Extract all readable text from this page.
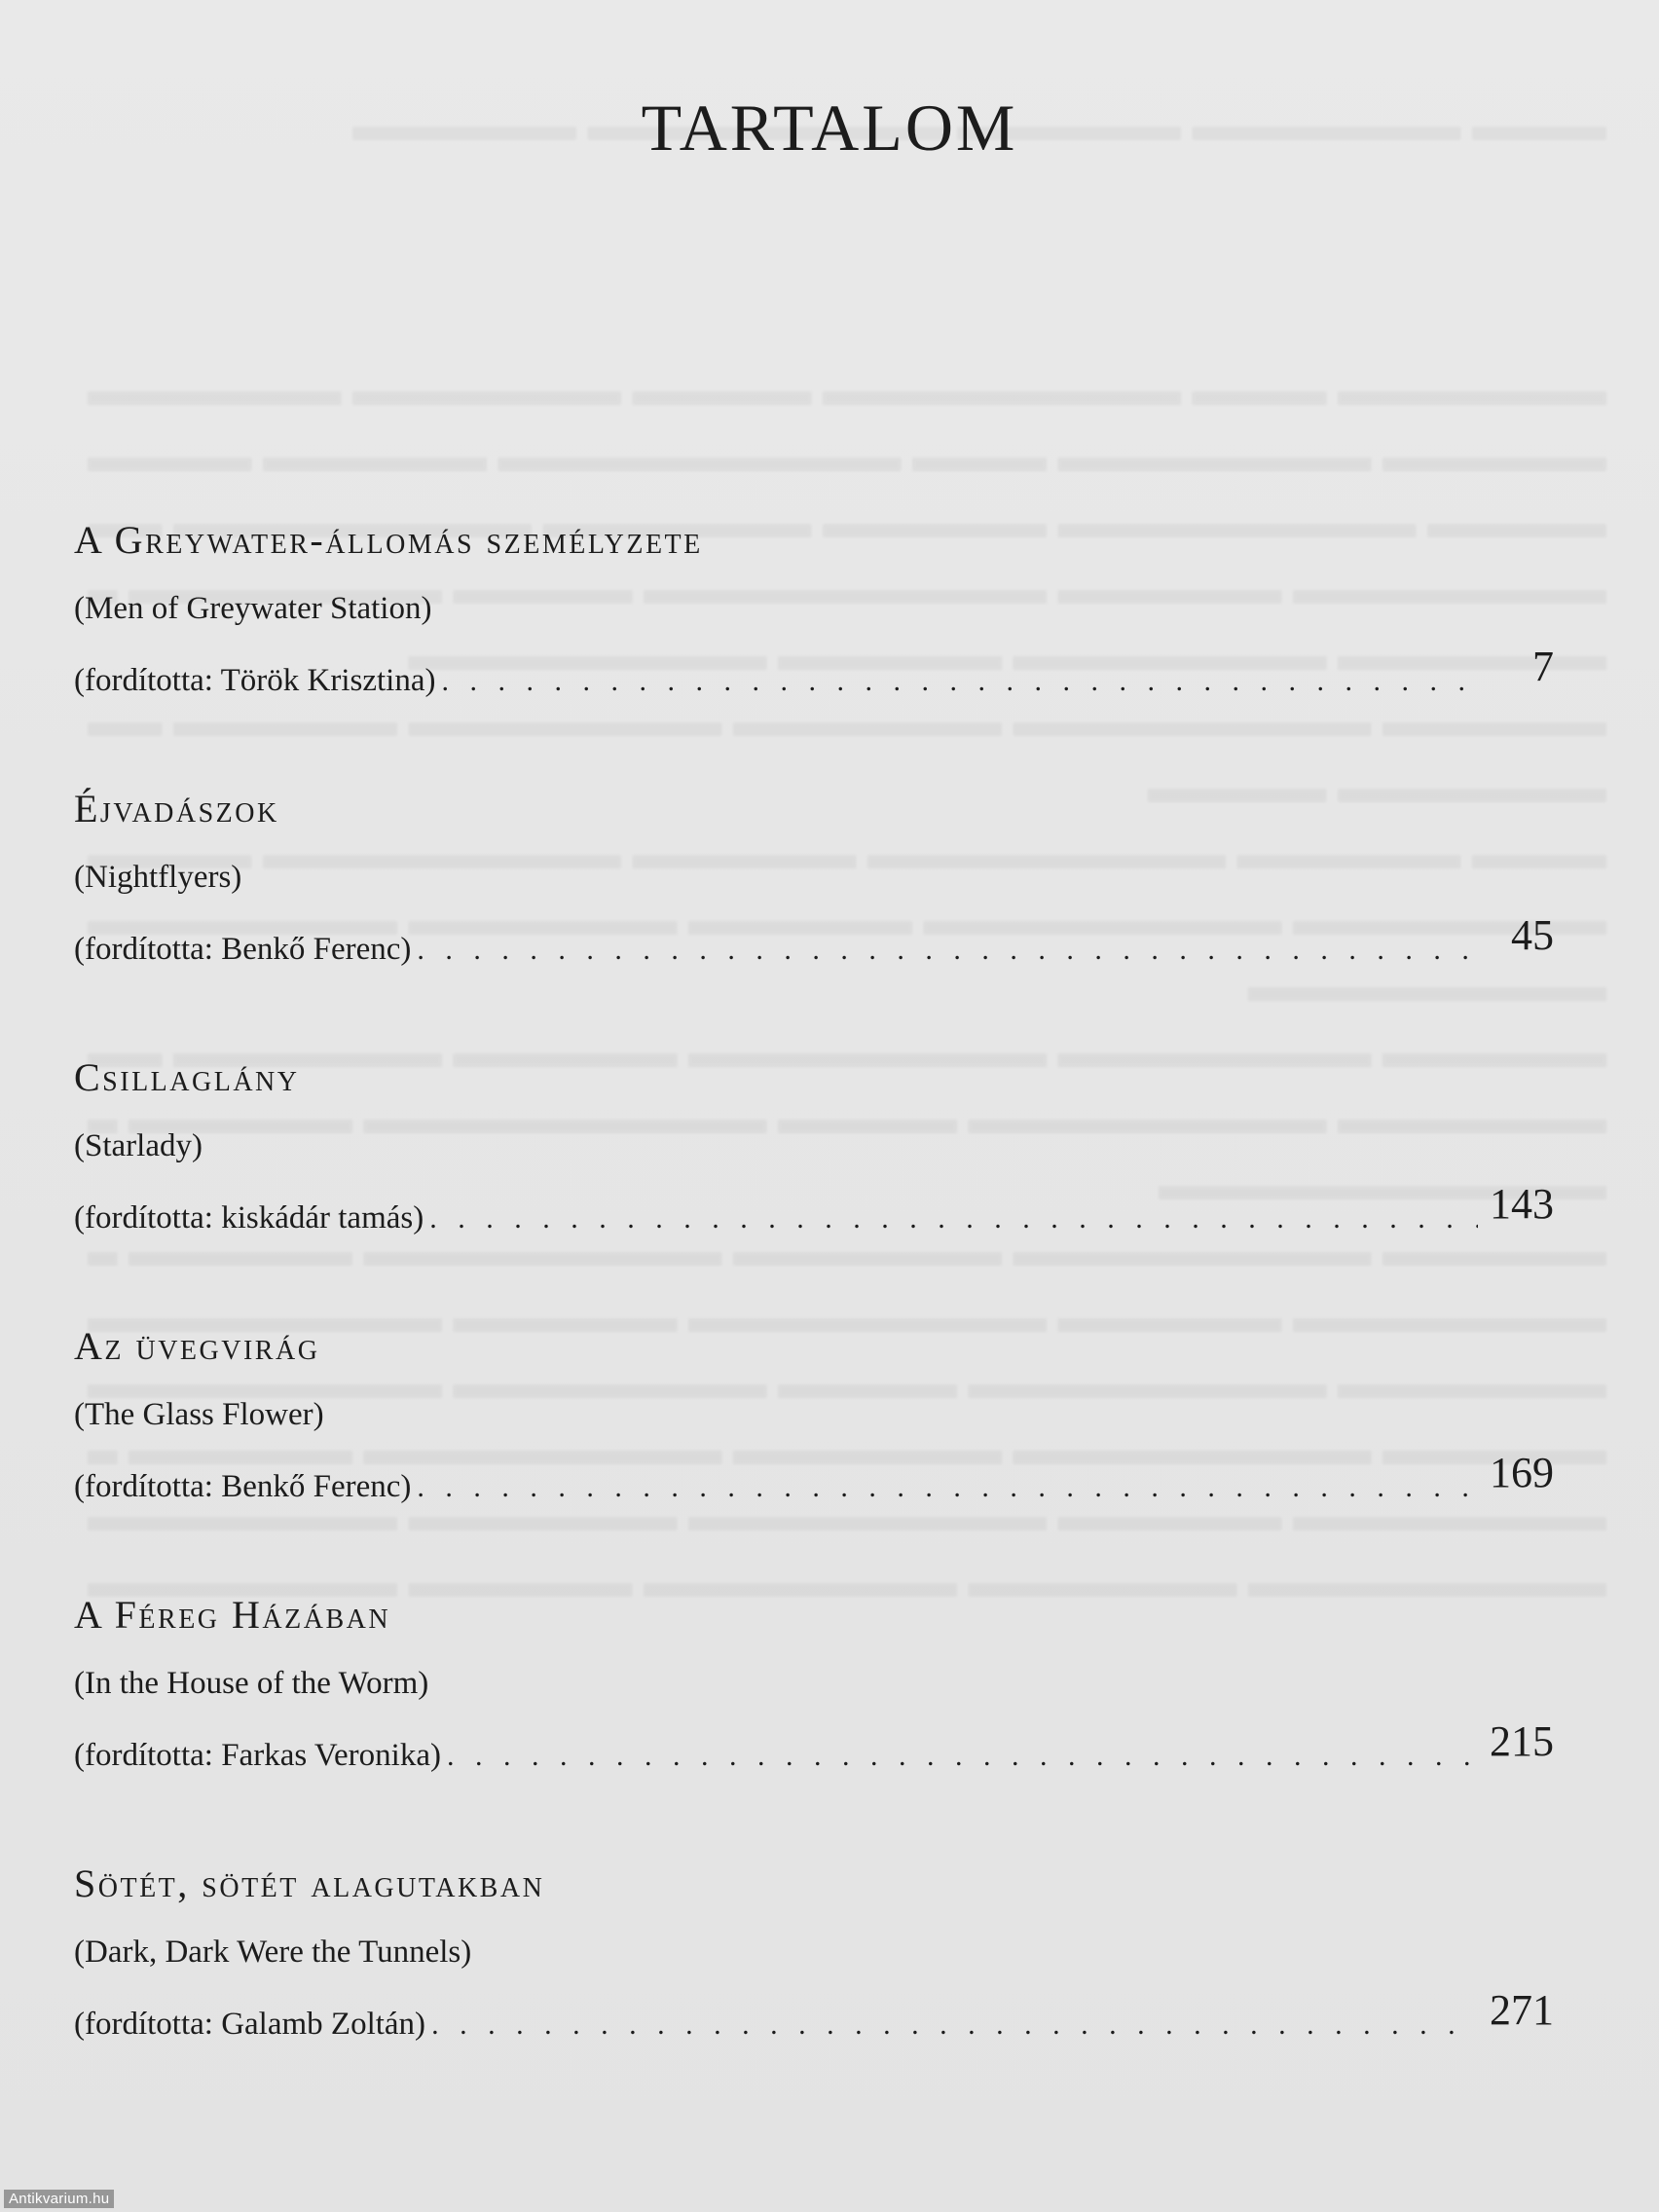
TARTALOM
A Greywater-állomás személyzete
(Men of Greywater Station)
(fordította: Török Krisztina) . . .	7
Éjvadászok
(Nightflyers)
(fordította: Benkő Ferenc) . . .	45
Csillaglány
(Starlady)
(fordította: kiskádár tamás) . . .	143
Az üvegvirág
(The Glass Flower)
(fordította: Benkő Ferenc) . . .	169
A Féreg Házában
(In the House of the Worm)
(fordította: Farkas Veronika) . . .	215
Sötét, sötét alagutakban
(Dark, Dark Were the Tunnels)
(fordította: Galamb Zoltán) . . .	271
Antikvarium.hu
